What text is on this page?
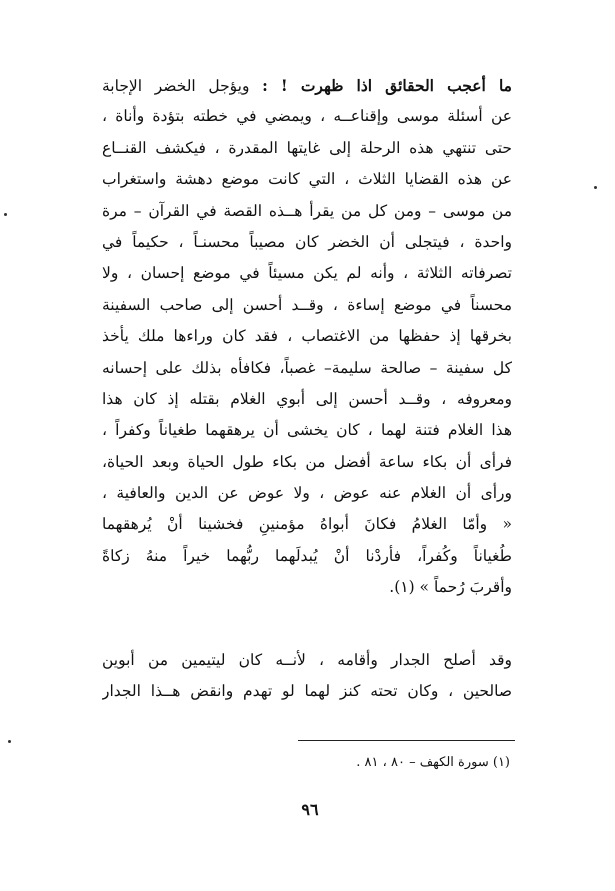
ما أعجب الحقائق اذا ظهرت ! : ويؤجل الخضر الإجابة
عن أسئلة موسى وإقناعــه ، ويمضي في خطته بتؤدة وأناة ،
حتى تنتهي هذه الرحلة إلى غايتها المقدرة ، فيكشف القنــاع
عن هذه القضايا الثلاث ، التي كانت موضع دهشة واستغراب
من موسى – ومن كل من يقرأ هــذه القصة في القرآن – مرة
واحدة ، فيتجلى أن الخضر كان مصيباً محسنـاً ، حكيماً في
تصرفاته الثلاثة ، وأنه لم يكن مسيئاً في موضع إحسان ، ولا
محسناً في موضع إساءة ، وقــد أحسن إلى صاحب السفينة
بخرقها إذ حفظها من الاغتصاب ، فقد كان وراءها ملك يأخذ
كل سفينة – صالحة سليمة– غصباً، فكافأه بذلك على إحسانه
ومعروفه ، وقــد أحسن إلى أبوي الغلام بقتله إذ كان هذا
هذا الغلام فتنة لهما ، كان يخشى أن يرهقهما طغياناً وكفراً ،
فرأى أن بكاء ساعة أفضل من بكاء طول الحياة وبعد الحياة،
ورأى أن الغلام عنه عوض ، ولا عوض عن الدين والعافية ،
« وأمّا الغلامُ فكانَ أبواهُ مؤمنينِ فخشينا أنْ يُرهقهما
طُغياناً وكُفراً، فأردْنا أنْ يُبدلَهما ربُّهما خيراً منهُ زكاةً
وأقربَ رُحماً » (١).
وقد أصلح الجدار وأقامه ، لأنــه كان ليتيمين من أبوين
صالحين ، وكان تحته كنز لهما لو تهدم وانقض هــذا الجدار
(١) سورة الكهف – ٨٠ ، ٨١ .
٩٦
